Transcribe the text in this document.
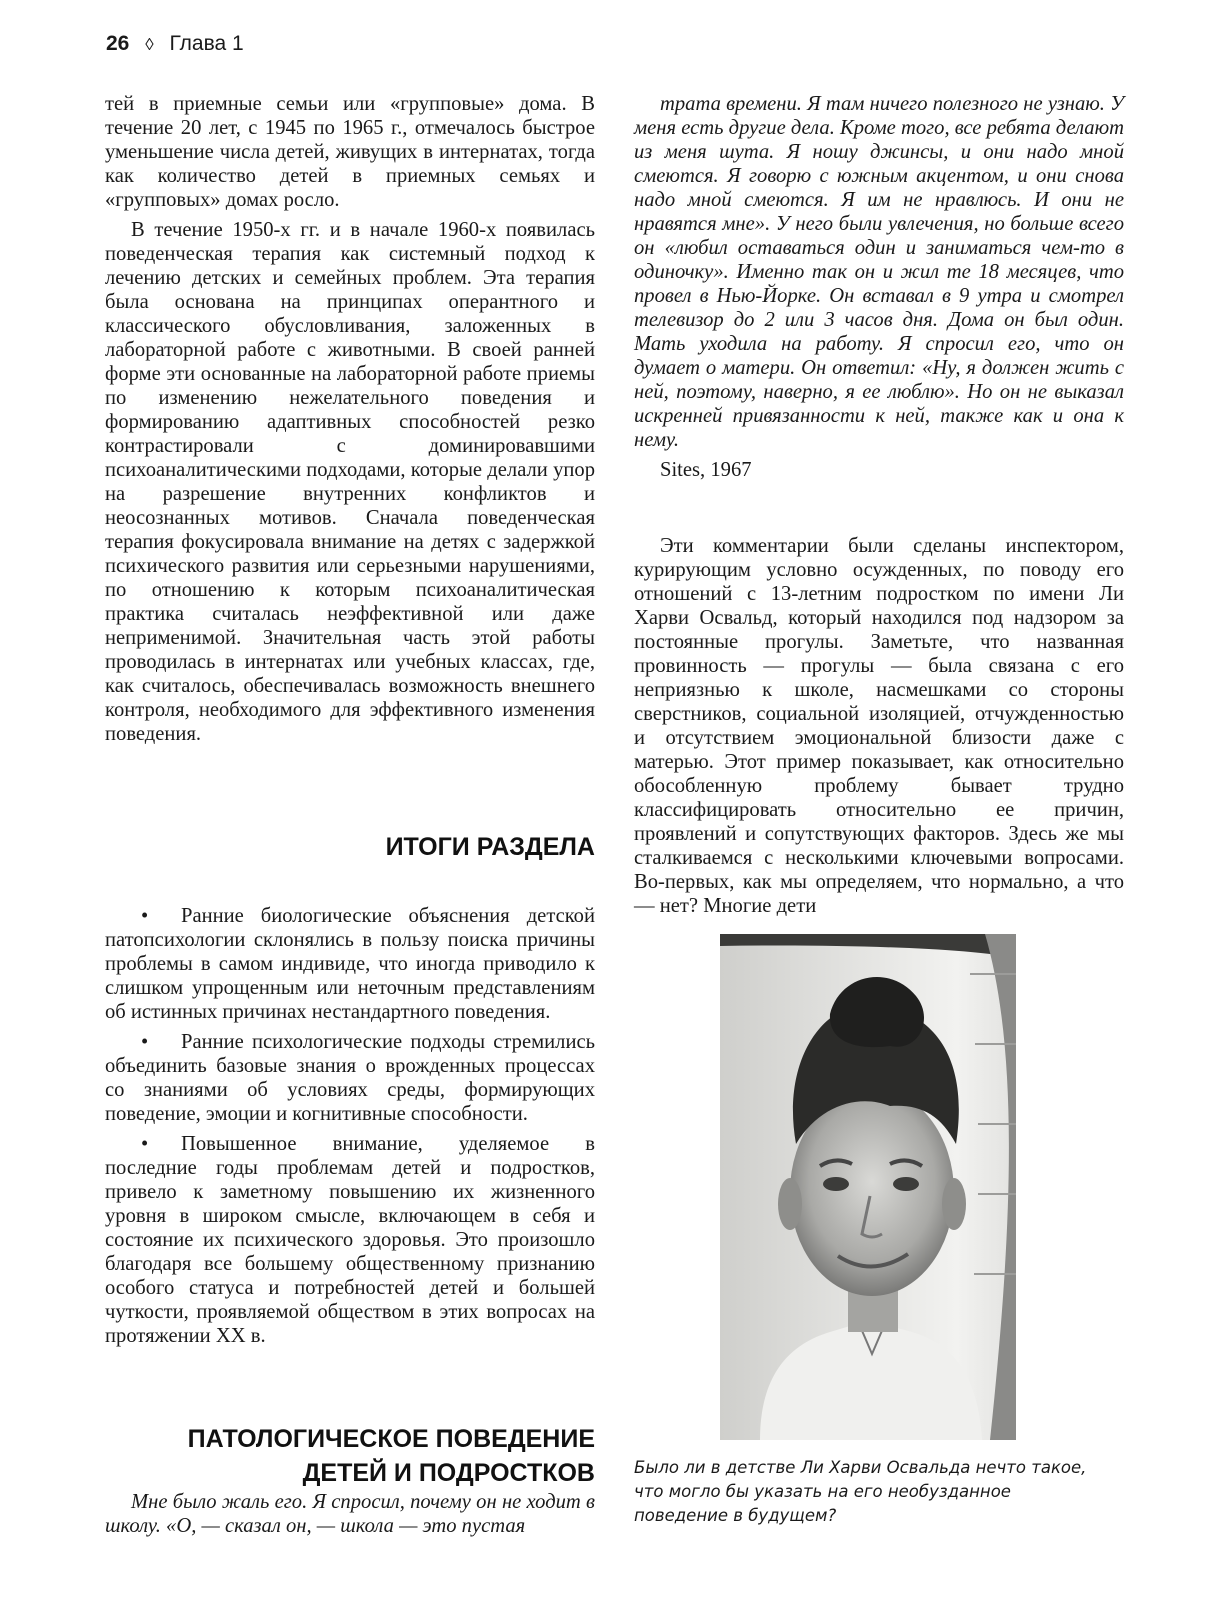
26 ◊ Глава 1

тей в приемные семьи или «групповые» дома. В течение 20 лет, с 1945 по 1965 г., отмечалось быстрое уменьшение числа детей, живущих в интернатах, тогда как количество детей в приемных семьях и «групповых» домах росло.

В течение 1950-х гг. и в начале 1960-х появилась поведенческая терапия как системный подход к лечению детских и семейных проблем. Эта терапия была основана на принципах оперантного и классического обусловливания, заложенных в лабораторной работе с животными. В своей ранней форме эти основанные на лабораторной работе приемы по изменению нежелательного поведения и формированию адаптивных способностей резко контрастировали с доминировавшими психоаналитическими подходами, которые делали упор на разрешение внутренних конфликтов и неосознанных мотивов. Сначала поведенческая терапия фокусировала внимание на детях с задержкой психического развития или серьезными нарушениями, по отношению к которым психоаналитическая практика считалась неэффективной или даже неприменимой. Значительная часть этой работы проводилась в интернатах или учебных классах, где, как считалось, обеспечивалась возможность внешнего контроля, необходимого для эффективного изменения поведения.

ИТОГИ РАЗДЕЛА
• Ранние биологические объяснения детской патопсихологии склонялись в пользу поиска причины проблемы в самом индивиде, что иногда приводило к слишком упрощенным или неточным представлениям об истинных причинах нестандартного поведения.
• Ранние психологические подходы стремились объединить базовые знания о врожденных процессах со знаниями об условиях среды, формирующих поведение, эмоции и когнитивные способности.
• Повышенное внимание, уделяемое в последние годы проблемам детей и подростков, привело к заметному повышению их жизненного уровня в широком смысле, включающем в себя и состояние их психического здоровья. Это произошло благодаря все большему общественному признанию особого статуса и потребностей детей и большей чуткости, проявляемой обществом в этих вопросах на протяжении XX в.
ПАТОЛОГИЧЕСКОЕ ПОВЕДЕНИЕ
ДЕТЕЙ И ПОДРОСТКОВ

Мне было жаль его. Я спросил, почему он не ходит в школу. «О, — сказал он, — школа — это пустая

трата времени. Я там ничего полезного не узнаю. У меня есть другие дела. Кроме того, все ребята делают из меня шута. Я ношу джинсы, и они надо мной смеются. Я говорю с южным акцентом, и они снова надо мной смеются. Я им не нравлюсь. И они не нравятся мне». У него были увлечения, но больше всего он «любил оставаться один и заниматься чем-то в одиночку». Именно так он и жил те 18 месяцев, что провел в Нью-Йорке. Он вставал в 9 утра и смотрел телевизор до 2 или 3 часов дня. Дома он был один. Мать уходила на работу. Я спросил его, что он думает о матери. Он ответил: «Ну, я должен жить с ней, поэтому, наверно, я ее люблю». Но он не выказал искренней привязанности к ней, также как и она к нему.

Sites, 1967

Эти комментарии были сделаны инспектором, курирующим условно осужденных, по поводу его отношений с 13-летним подростком по имени Ли Харви Освальд, который находился под надзором за постоянные прогулы. Заметьте, что названная провинность — прогулы — была связана с его неприязнью к школе, насмешками со стороны сверстников, социальной изоляцией, отчужденностью и отсутствием эмоциональной близости даже с матерью. Этот пример показывает, как относительно обособленную проблему бывает трудно классифицировать относительно ее причин, проявлений и сопутствующих факторов. Здесь же мы сталкиваемся с несколькими ключевыми вопросами. Во-первых, как мы определяем, что нормально, а что — нет? Многие дети

Было ли в детстве Ли Харви Освальда нечто такое, что могло бы указать на его необузданное поведение в будущем?
